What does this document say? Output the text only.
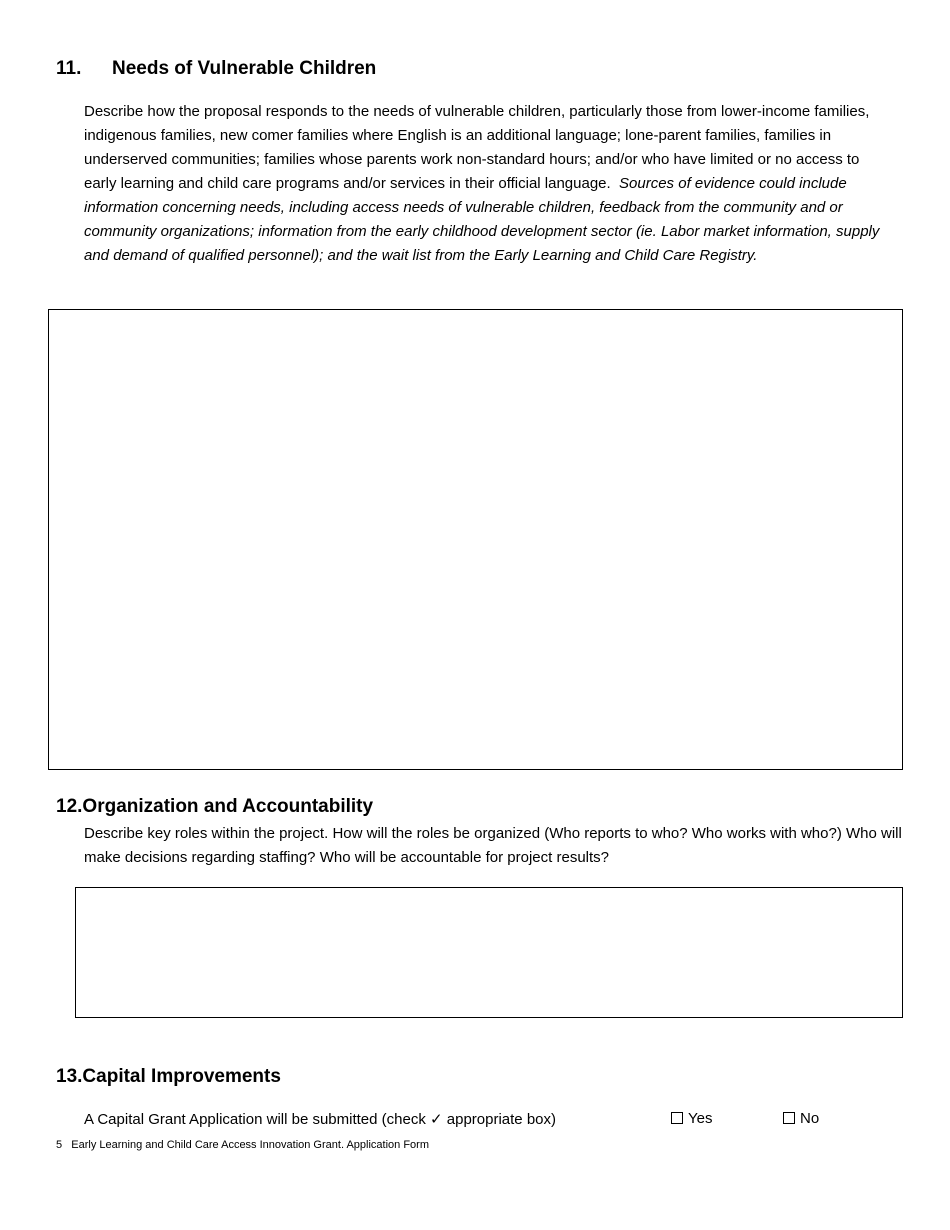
11. Needs of Vulnerable Children
Describe how the proposal responds to the needs of vulnerable children, particularly those from lower-income families, indigenous families, new comer families where English is an additional language; lone-parent families, families in underserved communities; families whose parents work non-standard hours; and/or who have limited or no access to early learning and child care programs and/or services in their official language. Sources of evidence could include information concerning needs, including access needs of vulnerable children, feedback from the community and or community organizations; information from the early childhood development sector (ie. Labor market information, supply and demand of qualified personnel); and the wait list from the Early Learning and Child Care Registry.
12.Organization and Accountability
Describe key roles within the project. How will the roles be organized (Who reports to who? Who works with who?) Who will make decisions regarding staffing? Who will be accountable for project results?
13.Capital Improvements
A Capital Grant Application will be submitted (check ✓ appropriate box)	Yes	No
5 Early Learning and Child Care Access Innovation Grant. Application Form
